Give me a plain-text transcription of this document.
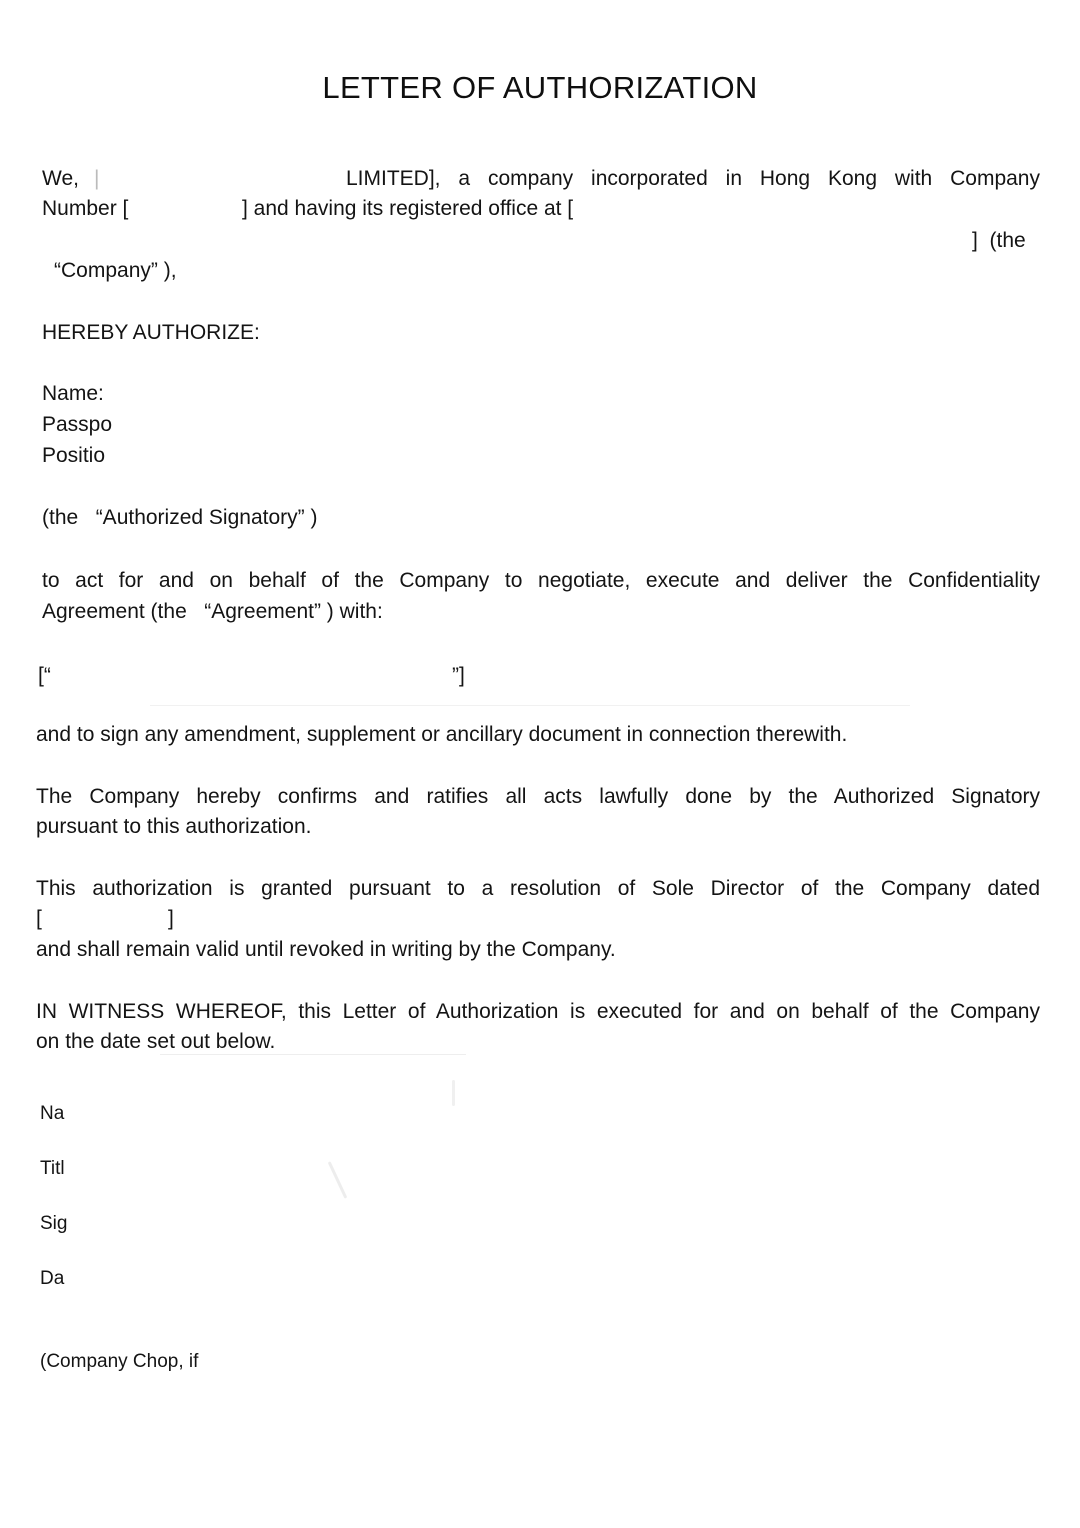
LETTER OF AUTHORIZATION
We, |	LIMITED], a company incorporated in Hong Kong with Company
Number [	] and having its registered office at [
]  (the
“Company” ),
HEREBY AUTHORIZE:
Name:
Passpo
Positio
(the   “Authorized Signatory” )
to act for and on behalf of the Company to negotiate, execute and deliver the Confidentiality
Agreement (the   “Agreement” ) with:
[“	”]
and to sign any amendment, supplement or ancillary document in connection therewith.
The Company hereby confirms and ratifies all acts lawfully done by the Authorized Signatory
pursuant to this authorization.
This authorization is granted pursuant to a resolution of Sole Director of the Company dated
[	]
and shall remain valid until revoked in writing by the Company.
IN WITNESS WHEREOF, this Letter of Authorization is executed for and on behalf of the Company
on the date set out below.
Na
Titl
Sig
Da
(Company Chop, if
